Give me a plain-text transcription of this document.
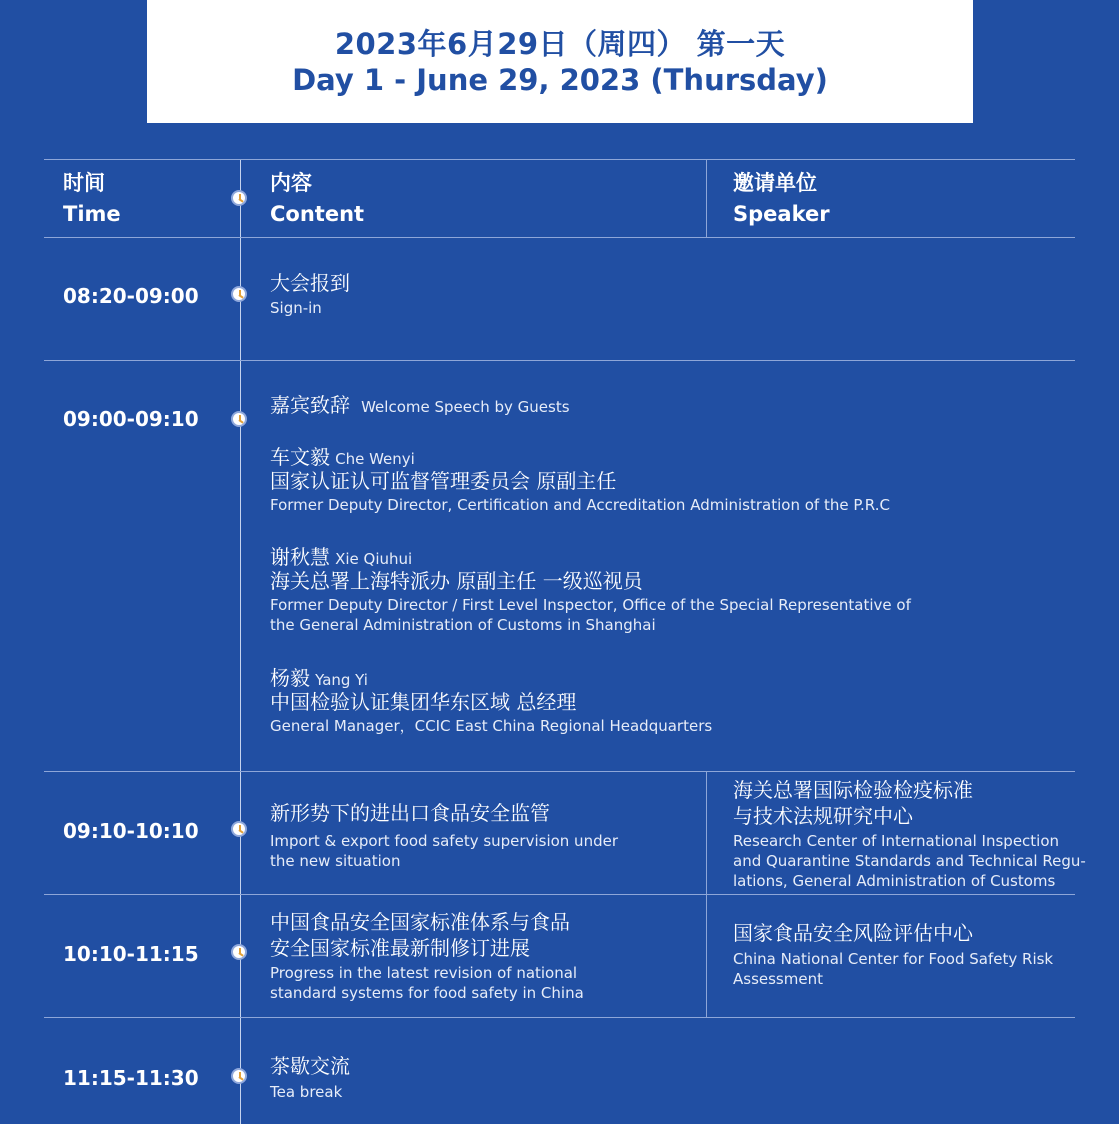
2023年6月29日（周四） 第一天
Day 1 - June 29, 2023 (Thursday)
时间
Time
内容
Content
邀请单位
Speaker
08:20-09:00
大会报到
Sign-in
09:00-09:10
嘉宾致辞 Welcome Speech by Guests
车文毅 Che Wenyi
国家认证认可监督管理委员会 原副主任
Former Deputy Director, Certification and Accreditation Administration of the P.R.C
谢秋慧 Xie Qiuhui
海关总署上海特派办 原副主任 一级巡视员
Former Deputy Director / First Level Inspector, Office of the Special Representative of
the General Administration of Customs in Shanghai
杨毅 Yang Yi
中国检验认证集团华东区域 总经理
General Manager，CCIC East China Regional Headquarters
09:10-10:10
新形势下的进出口食品安全监管
Import & export food safety supervision under
the new situation
海关总署国际检验检疫标准
与技术法规研究中心
Research Center of International Inspection
and Quarantine Standards and Technical Regu-
lations, General Administration of Customs
10:10-11:15
中国食品安全国家标准体系与食品
安全国家标准最新制修订进展
Progress in the latest revision of national
standard systems for food safety in China
国家食品安全风险评估中心
China National Center for Food Safety Risk
Assessment
11:15-11:30	茶歇交流
Tea break
